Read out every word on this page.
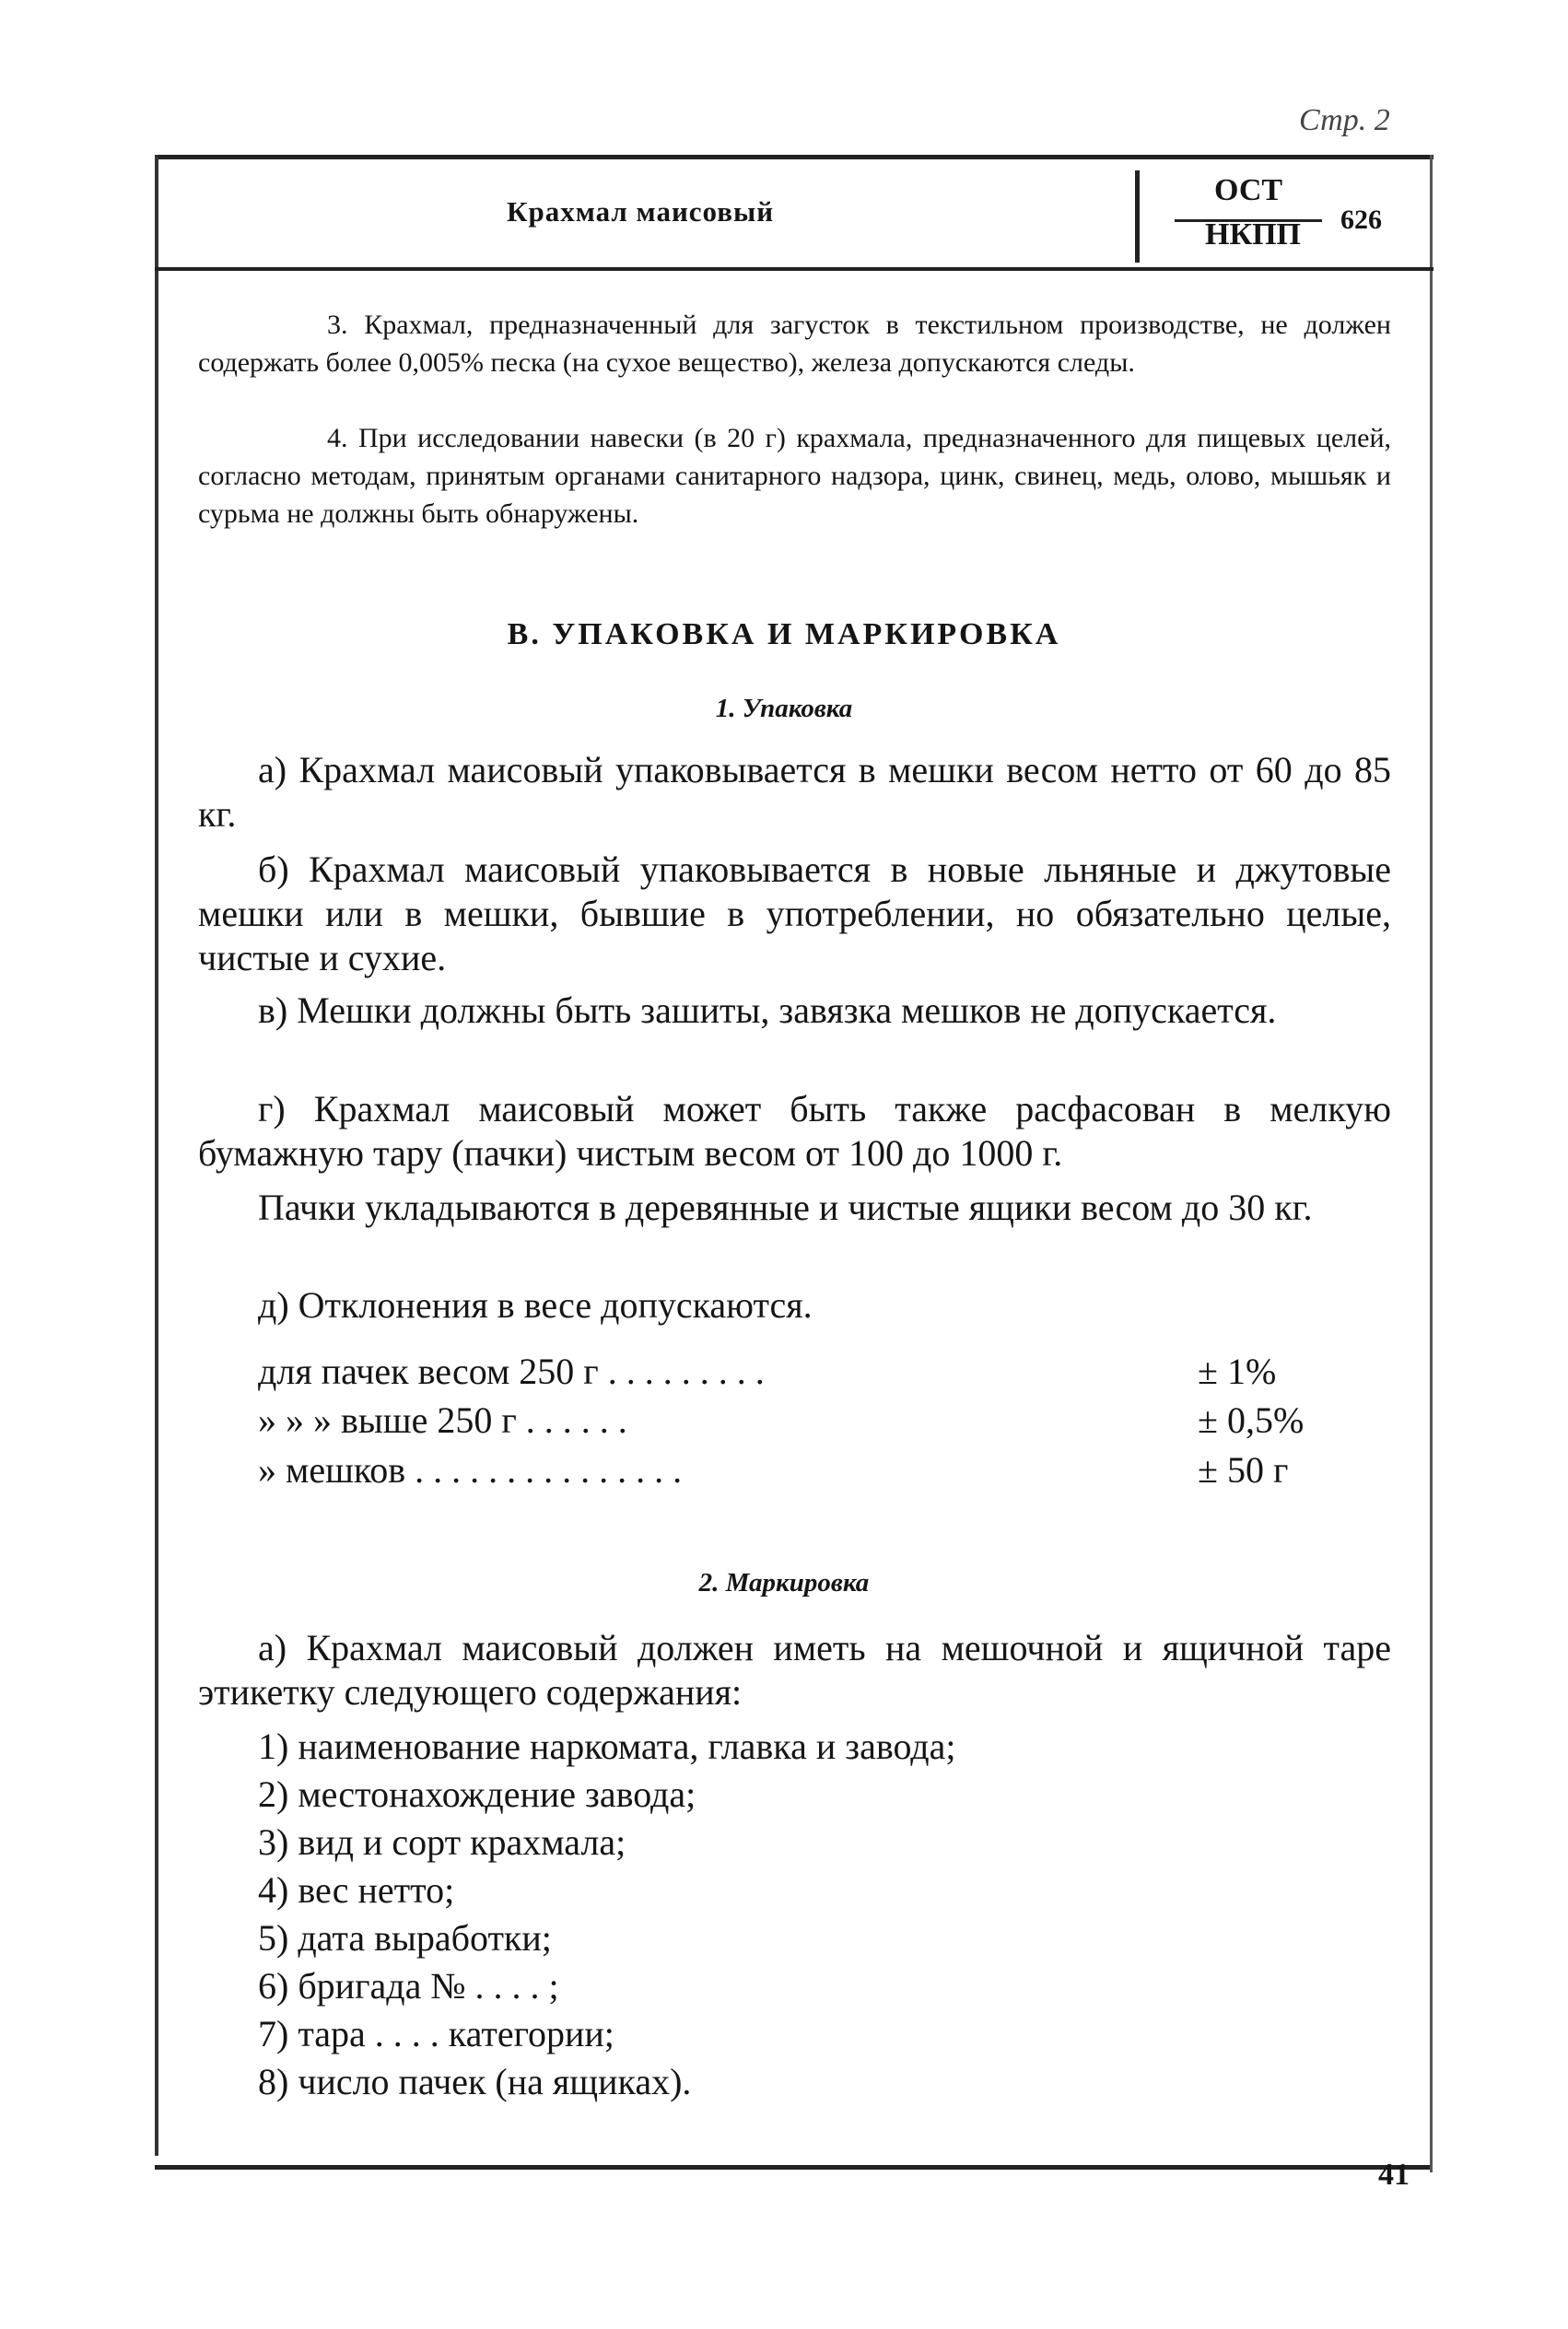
Стр. 2
Крахмал маисовый
ОСТ
НКПП	626

3. Крахмал, предназначенный для загусток в текстильном производстве, не должен содержать более 0,005% песка (на сухое вещество), железа допускаются следы.

4. При исследовании навески (в 20 г) крахмала, предназначенного для пищевых целей, согласно методам, принятым органами санитарного надзора, цинк, свинец, медь, олово, мышьяк и сурьма не должны быть обнаружены.

В. УПАКОВКА И МАРКИРОВКА
1. Упаковка

а) Крахмал маисовый упаковывается в мешки весом нетто от 60 до 85 кг.

б) Крахмал маисовый упаковывается в новые льняные и джутовые мешки или в мешки, бывшие в употреблении, но обязательно целые, чистые и сухие.

в) Мешки должны быть зашиты, завязка мешков не допускается.

г) Крахмал маисовый может быть также расфасован в мелкую бумажную тару (пачки) чистым весом от 100 до 1000 г.

Пачки укладываются в деревянные и чистые ящики весом до 30 кг.

д) Отклонения в весе допускаются.

для пачек весом 250 г . . . . . . . . .	± 1%
» » » выше 250 г . . . . . .	± 0,5%
» мешков . . . . . . . . . . . . . . .	± 50 г
2. Маркировка

а) Крахмал маисовый должен иметь на мешочной и ящичной таре этикетку следующего содержания:

1) наименование наркомата, главка и завода;
2) местонахождение завода;
3) вид и сорт крахмала;
4) вес нетто;
5) дата выработки;
6) бригада № . . . . ;
7) тара . . . . категории;
8) число пачек (на ящиках).
41
